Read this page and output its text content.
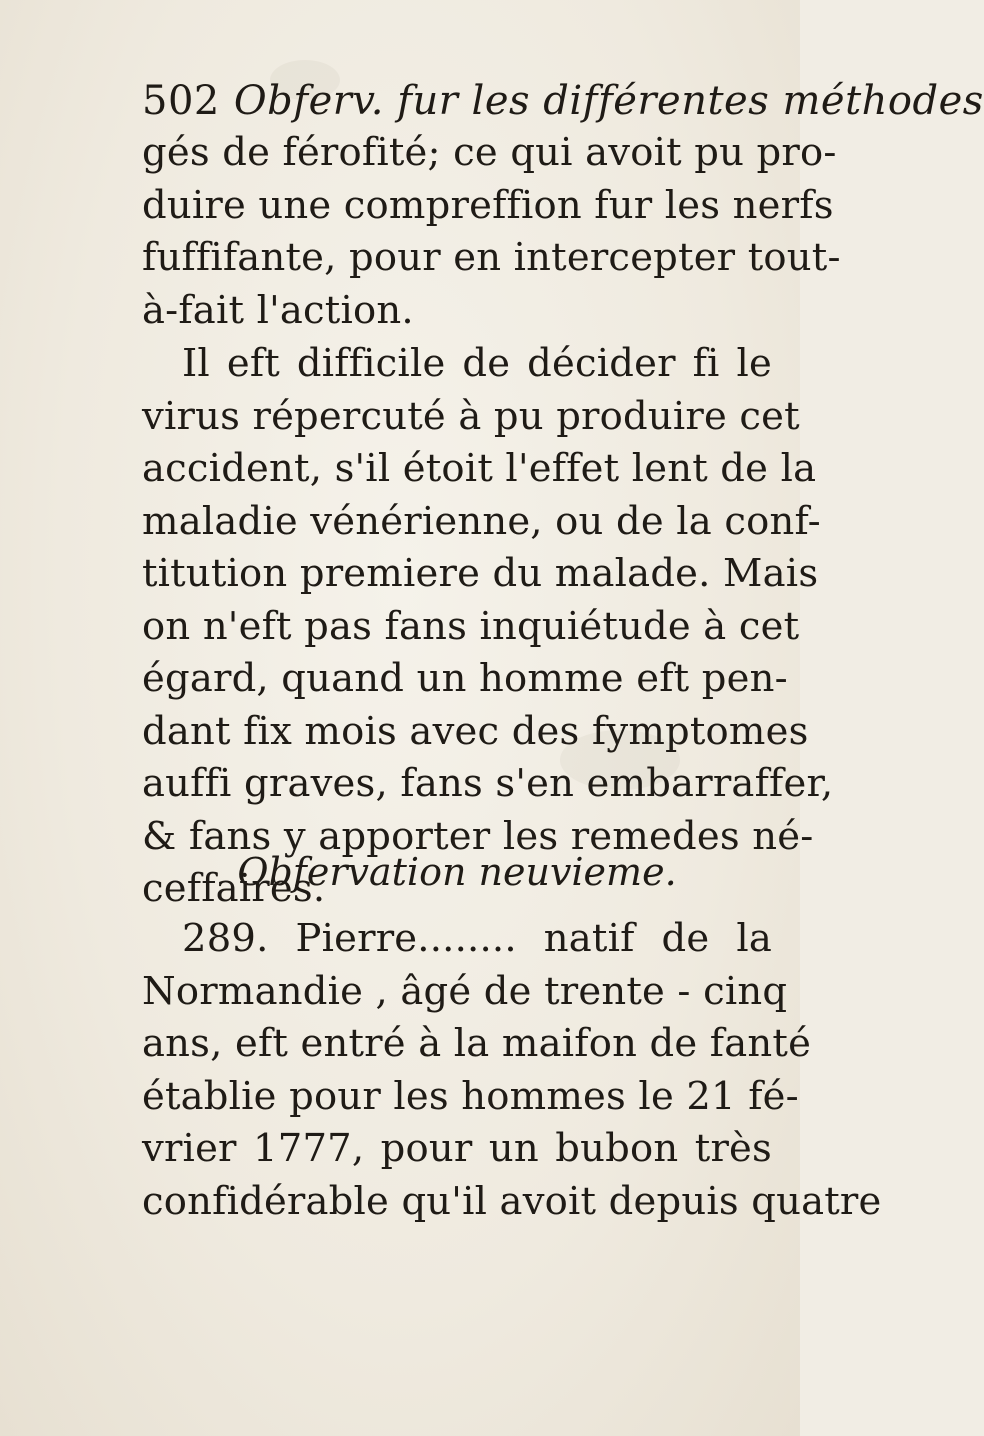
502 Obferv. fur les différentes méthodes
gés de férofité; ce qui avoit pu pro-
duire une compreffion fur les nerfs
fuffifante, pour en intercepter tout-
à-fait l'action.
Il eft difficile de décider fi le
virus répercuté à pu produire cet
accident, s'il étoit l'effet lent de la
maladie vénérienne, ou de la conf-
titution premiere du malade. Mais
on n'eft pas fans inquiétude à cet
égard, quand un homme eft pen-
dant fix mois avec des fymptomes
auffi graves, fans s'en embarraffer,
& fans y apporter les remedes né-
ceffaires.
Obfervation neuvieme.
289. Pierre........ natif de la
Normandie , âgé de trente - cinq
ans, eft entré à la maifon de fanté
établie pour les hommes le 21 fé-
vrier 1777, pour un bubon très
confidérable qu'il avoit depuis quatre
